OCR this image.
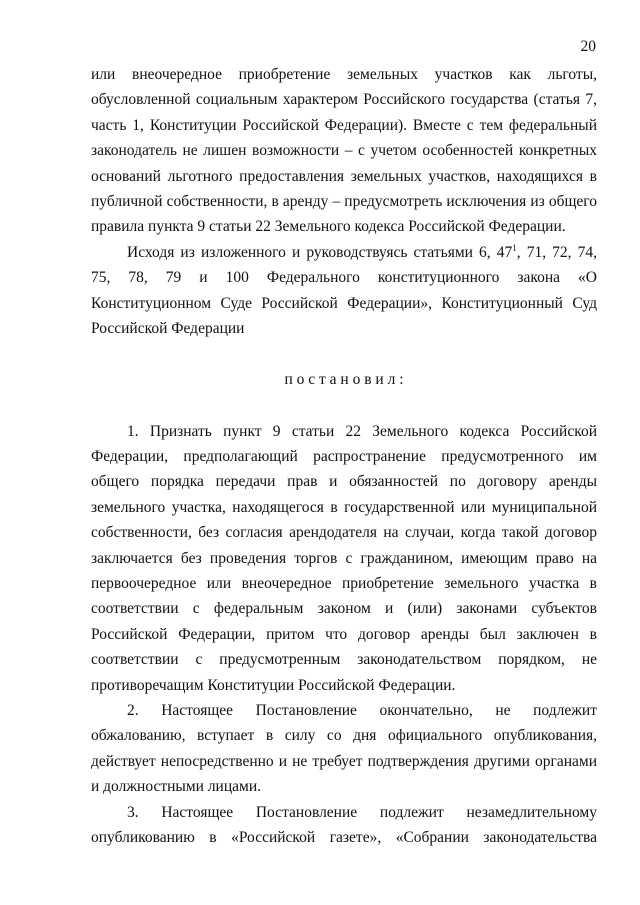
20
или внеочередное приобретение земельных участков как льготы,
обусловленной социальным характером Российского государства (статья 7,
часть 1, Конституции Российской Федерации). Вместе с тем федеральный
законодатель не лишен возможности – с учетом особенностей конкретных
оснований льготного предоставления земельных участков, находящихся в
публичной собственности, в аренду – предусмотреть исключения из общего
правила пункта 9 статьи 22 Земельного кодекса Российской Федерации.
Исходя из изложенного и руководствуясь статьями 6, $47^1$, 71, 72, 74,
75, 78, 79 и 100 Федерального конституционного закона «О
Конституционном Суде Российской Федерации», Конституционный Суд
Российской Федерации
п о с т а н о в и л :
1. Признать пункт 9 статьи 22 Земельного кодекса Российской
Федерации, предполагающий распространение предусмотренного им
общего порядка передачи прав и обязанностей по договору аренды
земельного участка, находящегося в государственной или муниципальной
собственности, без согласия арендодателя на случаи, когда такой договор
заключается без проведения торгов с гражданином, имеющим право на
первоочередное или внеочередное приобретение земельного участка в
соответствии с федеральным законом и (или) законами субъектов
Российской Федерации, притом что договор аренды был заключен в
соответствии с предусмотренным законодательством порядком, не
противоречащим Конституции Российской Федерации.
2. Настоящее Постановление окончательно, не подлежит
обжалованию, вступает в силу со дня официального опубликования,
действует непосредственно и не требует подтверждения другими органами
и должностными лицами.
3. Настоящее Постановление подлежит незамедлительному
опубликованию в «Российской газете», «Собрании законодательства
